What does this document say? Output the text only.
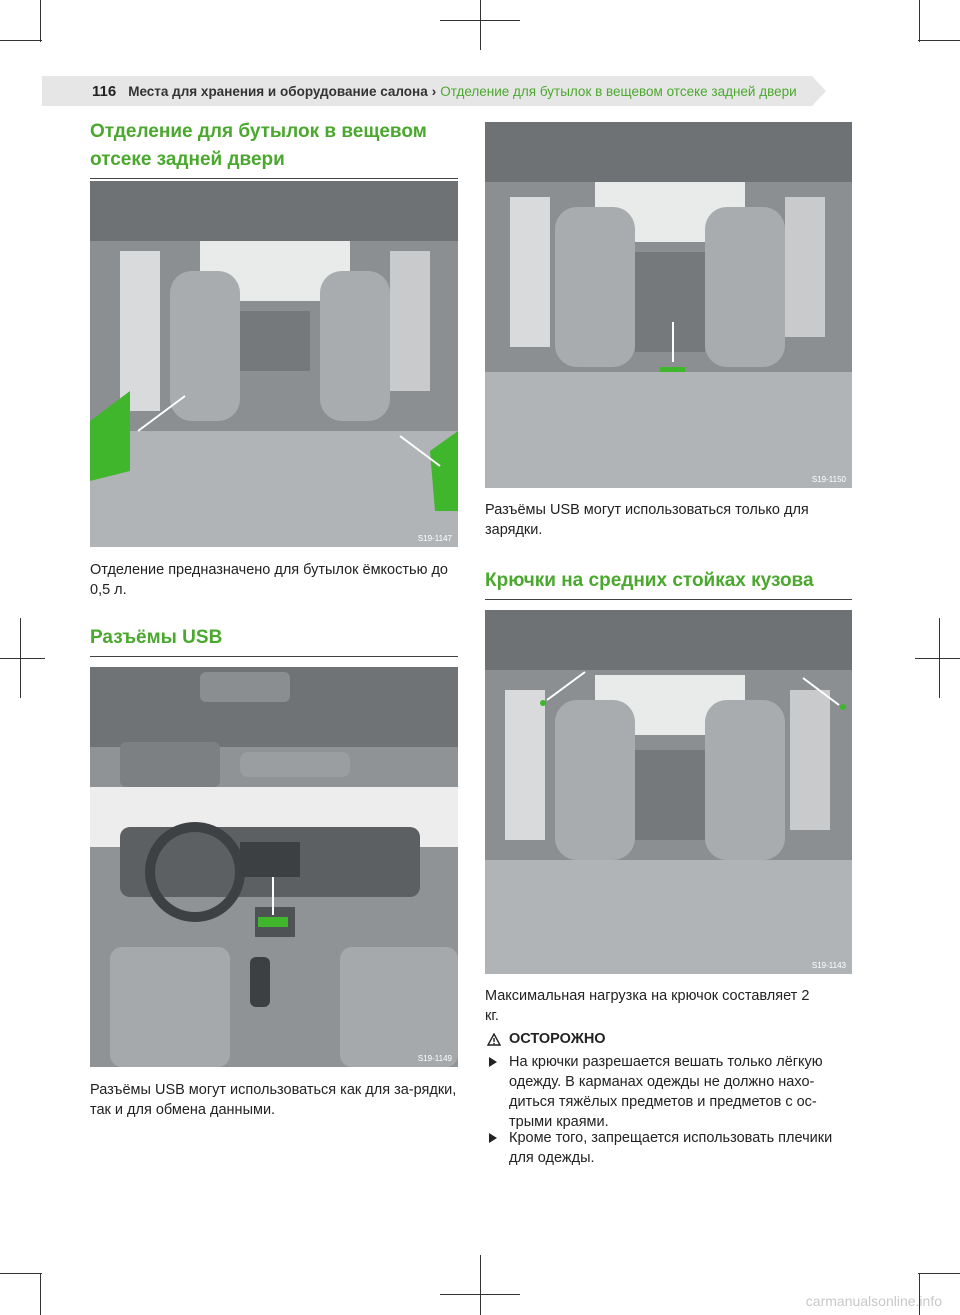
116 Места для хранения и оборудование салона › Отделение для бутылок в вещевом отсеке задней двери
Отделение для бутылок в вещевом отсеке задней двери
S19-1147
Отделение предназначено для бутылок ёмкостью до 0,5 л.
Разъёмы USB
S19-1149
Разъёмы USB могут использоваться как для за-рядки, так и для обмена данными.
S19-1150
Разъёмы USB могут использоваться только для зарядки.
Крючки на средних стойках кузова
S19-1143
Максимальная нагрузка на крючок составляет 2 кг.
ОСТОРОЖНО
На крючки разрешается вешать только лёгкую одежду. В карманах одежды не должно нахо-диться тяжёлых предметов и предметов с ос-трыми краями.
Кроме того, запрещается использовать плечики для одежды.
carmanualsonline.info
